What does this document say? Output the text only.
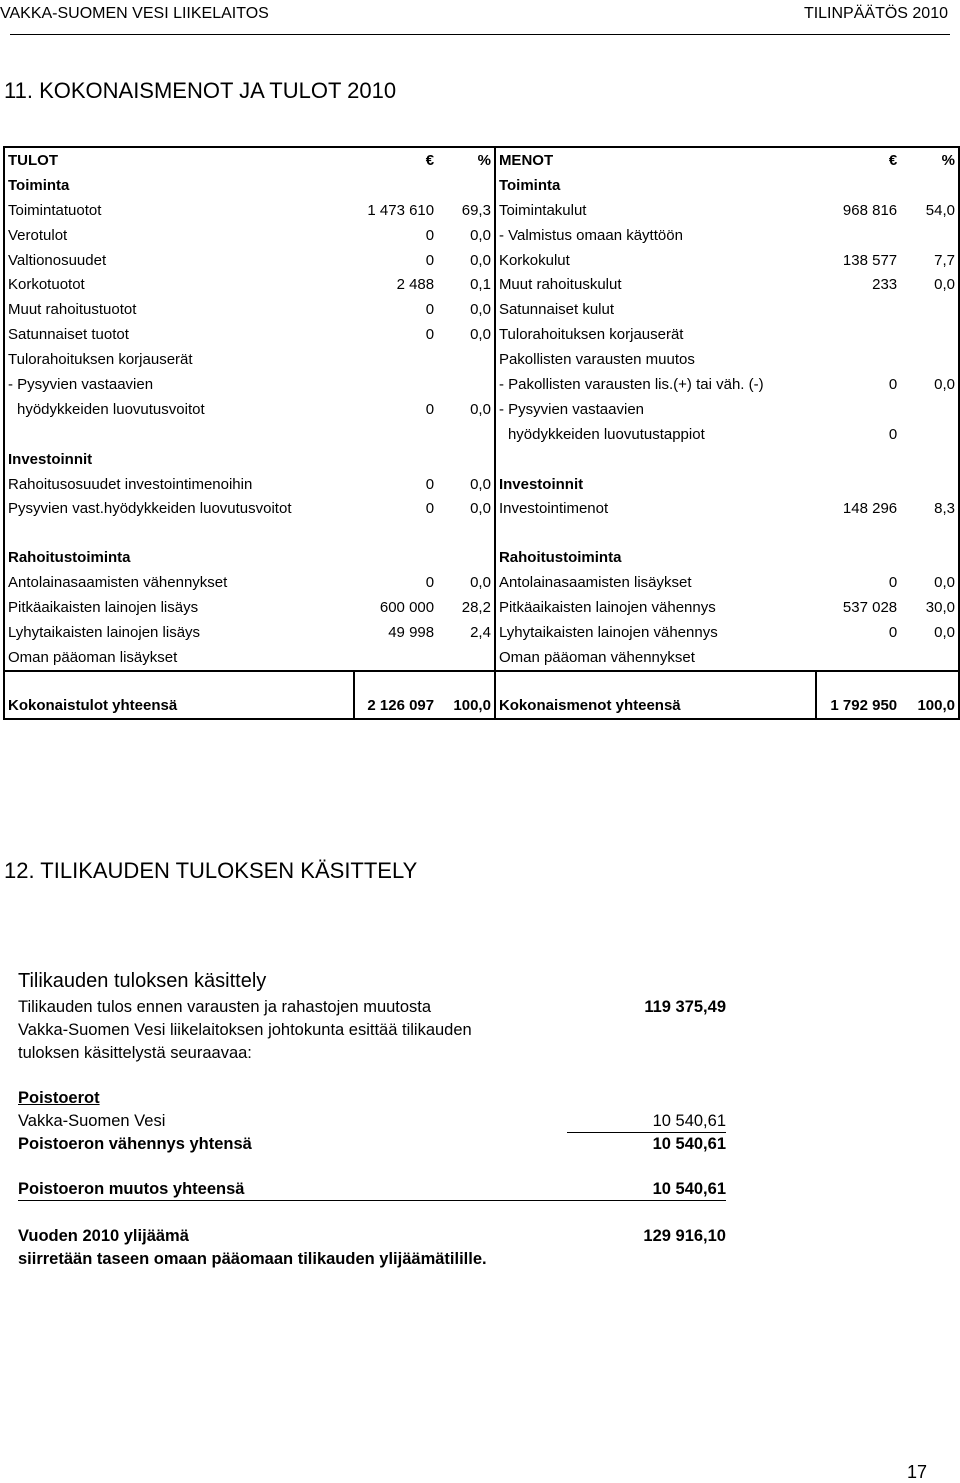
VAKKA-SUOMEN VESI LIIKELAITOS	TILINPÄÄTÖS 2010
11. KOKONAISMENOT JA TULOT 2010
TULOT	€	%	MENOT	€	%
Toiminta			Toiminta		
Toimintatuotot	1 473 610	69,3	Toimintakulut	968 816	54,0
Verotulot	0	0,0	- Valmistus omaan käyttöön		
Valtionosuudet	0	0,0	Korkokulut	138 577	7,7
Korkotuotot	2 488	0,1	Muut rahoituskulut	233	0,0
Muut rahoitustuotot	0	0,0	Satunnaiset kulut		
Satunnaiset tuotot	0	0,0	Tulorahoituksen korjauserät		
Tulorahoituksen korjauserät			Pakollisten varausten muutos		
- Pysyvien vastaavien			- Pakollisten varausten lis.(+) tai väh. (-)	0	0,0
hyödykkeiden luovutusvoitot	0	0,0	- Pysyvien vastaavien		
			hyödykkeiden luovutustappiot	0	
Investoinnit					
Rahoitusosuudet investointimenoihin	0	0,0	Investoinnit		
Pysyvien vast.hyödykkeiden luovutusvoitot	0	0,0	Investointimenot	148 296	8,3

Rahoitustoiminta			Rahoitustoiminta		
Antolainasaamisten vähennykset	0	0,0	Antolainasaamisten lisäykset	0	0,0
Pitkäaikaisten lainojen lisäys	600 000	28,2	Pitkäaikaisten lainojen vähennys	537 028	30,0
Lyhytaikaisten lainojen lisäys	49 998	2,4	Lyhytaikaisten lainojen vähennys	0	0,0
Oman pääoman lisäykset			Oman pääoman vähennykset		
Kokonaistulot yhteensä	2 126 097	100,0	Kokonaismenot yhteensä	1 792 950	100,0
12. TILIKAUDEN TULOKSEN KÄSITTELY
Tilikauden tuloksen käsittely
Tilikauden tulos ennen varausten ja rahastojen muutosta	119 375,49
Vakka-Suomen Vesi liikelaitoksen johtokunta esittää tilikauden
tuloksen käsittelystä seuraavaa:
Poistoerot
Vakka-Suomen Vesi	10 540,61
Poistoeron vähennys yhtensä	10 540,61
Poistoeron muutos yhteensä	10 540,61
Vuoden 2010 ylijäämä	129 916,10
siirretään taseen omaan pääomaan tilikauden ylijäämätilille.
17
